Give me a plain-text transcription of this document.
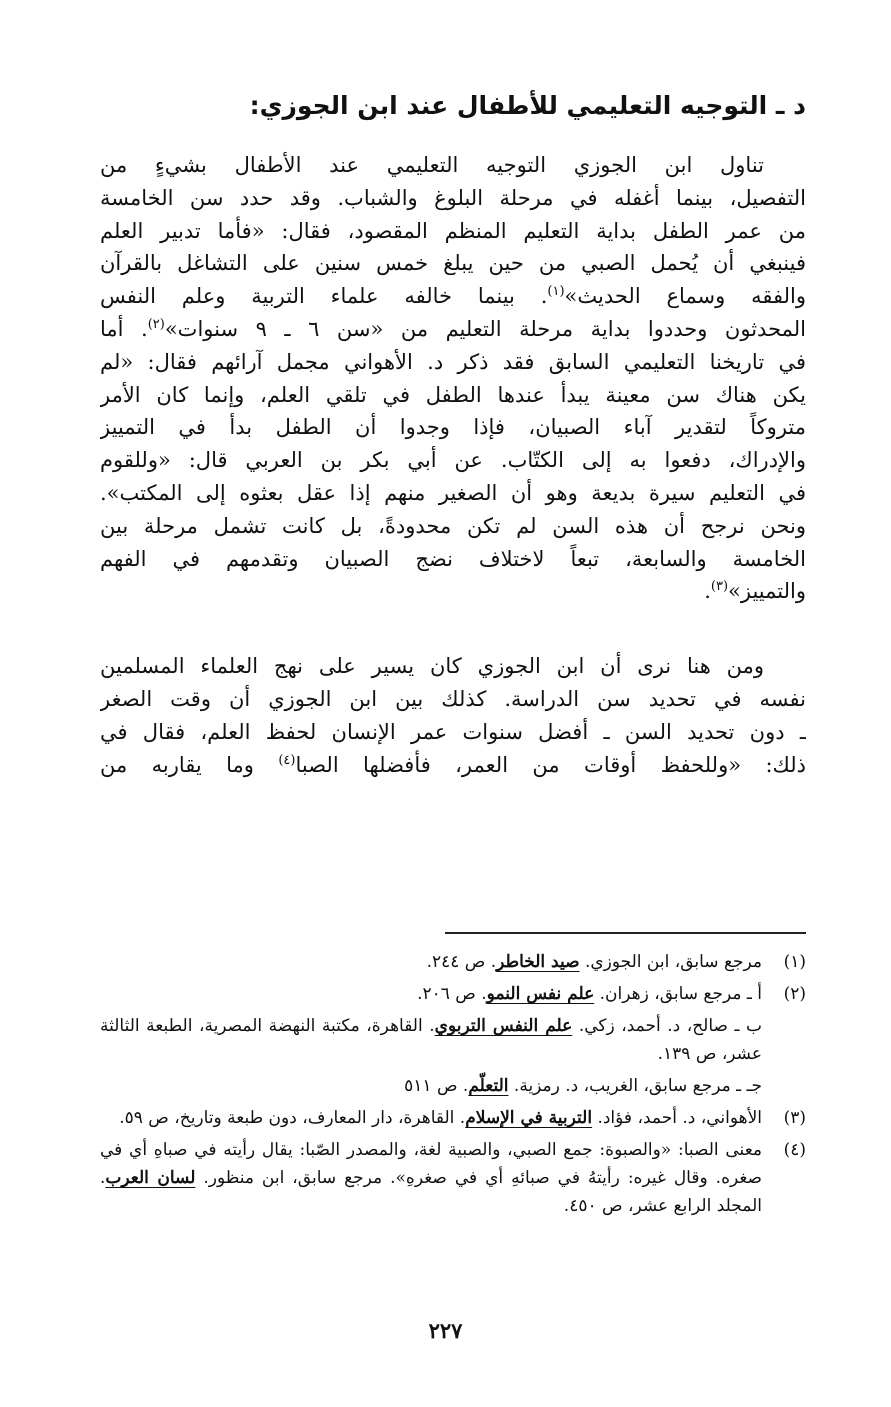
د ـ التوجيه التعليمي للأطفال عند ابن الجوزي:
  تناول ابن الجوزي التوجيه التعليمي عند الأطفال بشيءٍ من
التفصيل، بينما أغفله في مرحلة البلوغ والشباب. وقد حدد سن الخامسة
من عمر الطفل بداية التعليم المنظم المقصود، فقال: «فأما تدبير العلم
فينبغي أن يُحمل الصبي من حين يبلغ خمس سنين على التشاغل بالقرآن
والفقه وسماع الحديث»$^{(١)}$. بينما خالفه علماء التربية وعلم النفس
المحدثون وحددوا بداية مرحلة التعليم من «سن ٦ ـ ٩ سنوات»$^{(٢)}$. أما
في تاريخنا التعليمي السابق فقد ذكر د. الأهواني مجمل آرائهم فقال: «لم
يكن هناك سن معينة يبدأ عندها الطفل في تلقي العلم، وإنما كان الأمر
متروكاً لتقدير آباء الصبيان، فإذا وجدوا أن الطفل بدأ في التمييز
والإدراك، دفعوا به إلى الكتّاب. عن أبي بكر بن العربي قال: «وللقوم
في التعليم سيرة بديعة وهو أن الصغير منهم إذا عقل بعثوه إلى المكتب».
ونحن نرجح أن هذه السن لم تكن محدودةً، بل كانت تشمل مرحلة بين
الخامسة والسابعة، تبعاً لاختلاف نضج الصبيان وتقدمهم في الفهم
والتمييز»$^{(٣)}$.
  ومن هنا نرى أن ابن الجوزي كان يسير على نهج العلماء المسلمين
نفسه في تحديد سن الدراسة. كذلك بين ابن الجوزي أن وقت الصغر
ـ دون تحديد السن ـ أفضل سنوات عمر الإنسان لحفظ العلم، فقال في
ذلك: «وللحفظ أوقات من العمر، فأفضلها الصبا$^{(٤)}$ وما يقاربه من
(١)
مرجع سابق، ابن الجوزي. صيد الخاطر. ص ٢٤٤.
(٢)
أ ـ مرجع سابق، زهران. علم نفس النمو. ص ٢٠٦.
ب ـ صالح، د. أحمد، زكي. علم النفس التربوي. القاهرة، مكتبة النهضة المصرية، الطبعة الثالثة عشر، ص ١٣٩.
جـ ـ مرجع سابق، الغريب، د. رمزية. التعلّم. ص ٥١١
(٣)
الأهواني، د. أحمد، فؤاد. التربية في الإسلام. القاهرة، دار المعارف، دون طبعة وتاريخ، ص ٥٩.
(٤)
معنى الصبا: «والصبوة: جمع الصبي، والصبية لغة، والمصدر الصّبا: يقال رأيته في صباهِ أي في صغره. وقال غيره: رأيتهُ في صبائهِ أي في صغرهِ». مرجع سابق، ابن منظور. لسان العرب. المجلد الرابع عشر، ص ٤٥٠.
٢٢٧
